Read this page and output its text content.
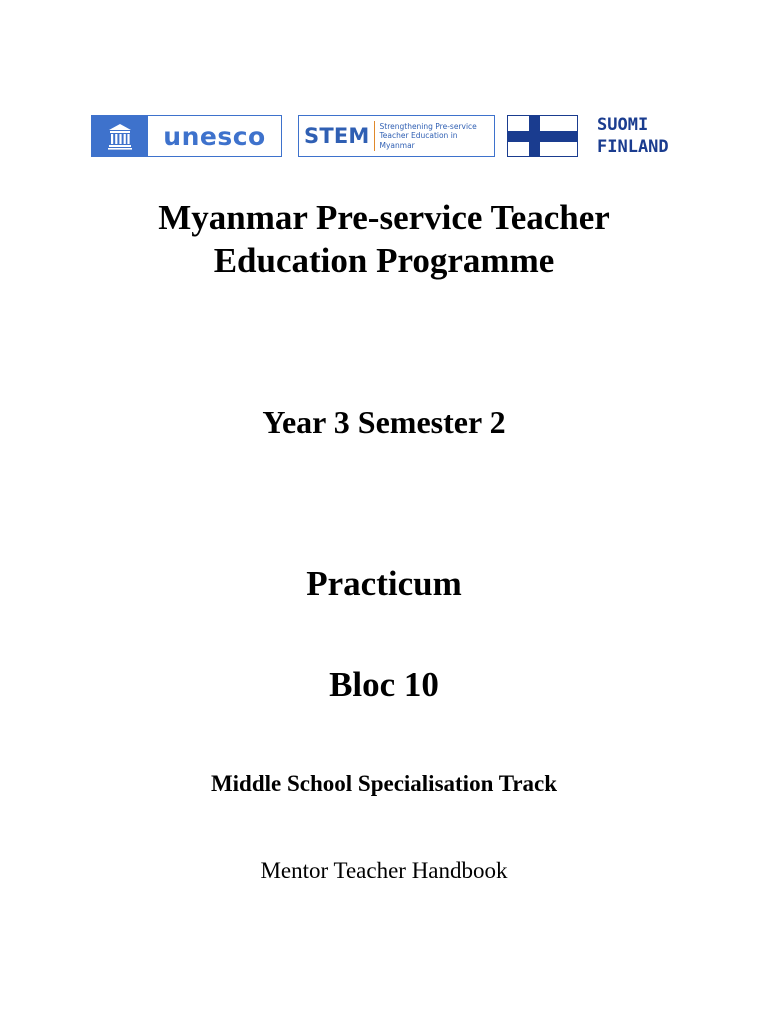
unesco	STEM Strengthening Pre-service
Teacher Education in
Myanmar
SUOMI
FINLAND
Myanmar Pre-service Teacher
Education Programme
Year 3 Semester 2
Practicum
Bloc 10
Middle School Specialisation Track
Mentor Teacher Handbook
